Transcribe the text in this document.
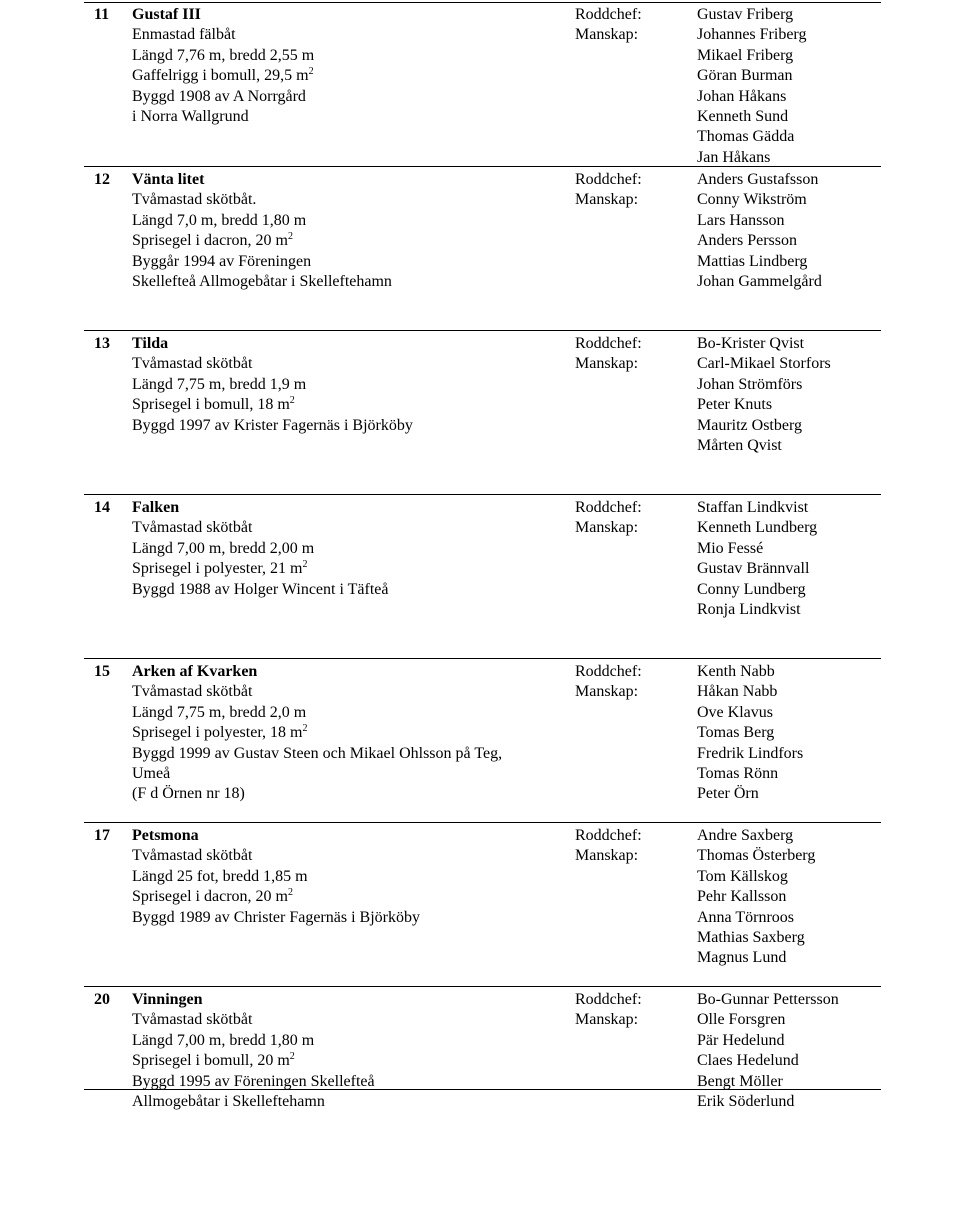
11 Gustaf III
Enmastad fälbåt
Längd 7,76 m, bredd 2,55 m
Gaffelrigg i bomull, 29,5 $m^2$
Byggd 1908 av A Norrgård
i Norra Wallgrund
Roddchef:
Manskap:
Gustav Friberg
Johannes Friberg
Mikael Friberg
Göran Burman
Johan Håkans
Kenneth Sund
Thomas Gädda
Jan Håkans
12 Vänta litet
Tvåmastad skötbåt.
Längd 7,0 m, bredd 1,80 m
Sprisegel i dacron, 20 $m^2$
Byggår 1994 av Föreningen
Skellefteå Allmogebåtar i Skelleftehamn
Roddchef:
Manskap:
Anders Gustafsson
Conny Wikström
Lars Hansson
Anders Persson
Mattias Lindberg
Johan Gammelgård
13 Tilda
Tvåmastad skötbåt
Längd 7,75 m, bredd 1,9 m
Sprisegel i bomull, 18 $m^2$
Byggd 1997 av Krister Fagernäs i Björköby
Roddchef:
Manskap:
Bo-Krister Qvist
Carl-Mikael Storfors
Johan Strömförs
Peter Knuts
Mauritz Ostberg
Mårten Qvist
14 Falken
Tvåmastad skötbåt
Längd 7,00 m, bredd 2,00 m
Sprisegel i polyester, 21 $m^2$
Byggd 1988 av Holger Wincent i Täfteå
Roddchef:
Manskap:
Staffan Lindkvist
Kenneth Lundberg
Mio Fessé
Gustav Brännvall
Conny Lundberg
Ronja Lindkvist
15 Arken af Kvarken
Tvåmastad skötbåt
Längd 7,75 m, bredd 2,0 m
Sprisegel i polyester, 18 $m^2$
Byggd 1999 av Gustav Steen och Mikael Ohlsson på Teg,
Umeå
(F d Örnen nr 18)
Roddchef:
Manskap:
Kenth Nabb
Håkan Nabb
Ove Klavus
Tomas Berg
Fredrik Lindfors
Tomas Rönn
Peter Örn
17 Petsmona
Tvåmastad skötbåt
Längd 25 fot, bredd 1,85 m
Sprisegel i dacron, 20 $m^2$
Byggd 1989 av Christer Fagernäs i Björköby
Roddchef:
Manskap:
Andre Saxberg
Thomas Österberg
Tom Källskog
Pehr Kallsson
Anna Törnroos
Mathias Saxberg
Magnus Lund
20 Vinningen
Tvåmastad skötbåt
Längd 7,00 m, bredd 1,80 m
Sprisegel i bomull, 20 $m^2$
Byggd 1995 av Föreningen Skellefteå
Allmogebåtar i Skelleftehamn
Roddchef:
Manskap:
Bo-Gunnar Pettersson
Olle Forsgren
Pär Hedelund
Claes Hedelund
Bengt Möller
Erik Söderlund
